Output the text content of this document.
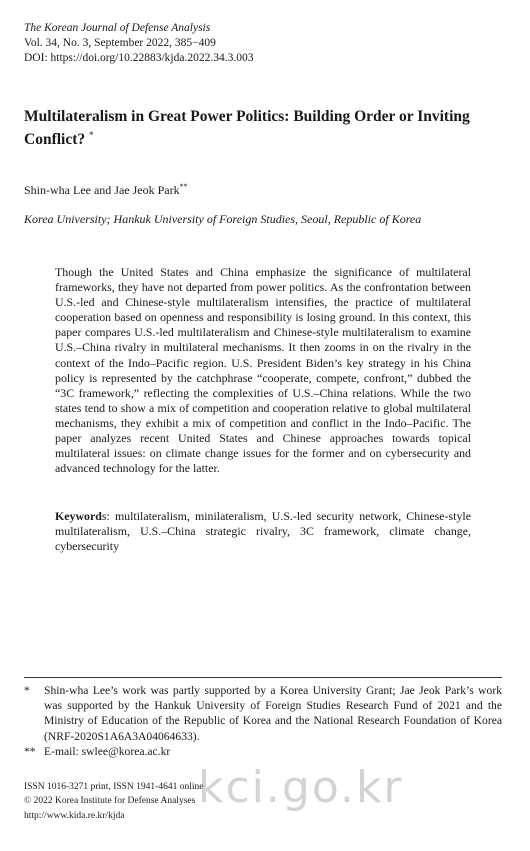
The Korean Journal of Defense Analysis
Vol. 34, No. 3, September 2022, 385−409
DOI: https://doi.org/10.22883/kjda.2022.34.3.003
Multilateralism in Great Power Politics: Building Order or Inviting Conflict? *
Shin-wha Lee and Jae Jeok Park**
Korea University; Hankuk University of Foreign Studies, Seoul, Republic of Korea
Though the United States and China emphasize the significance of multilateral frameworks, they have not departed from power politics. As the confrontation between U.S.-led and Chinese-style multilateralism intensifies, the practice of multilateral cooperation based on openness and responsibility is losing ground. In this context, this paper compares U.S.-led multilateralism and Chinese-style multilateralism to examine U.S.–China rivalry in multilateral mechanisms. It then zooms in on the rivalry in the context of the Indo–Pacific region. U.S. President Biden’s key strategy in his China policy is represented by the catchphrase “cooperate, compete, confront,” dubbed the “3C framework,” reflecting the complexities of U.S.–China relations. While the two states tend to show a mix of competition and cooperation relative to global multilateral mechanisms, they exhibit a mix of competition and conflict in the Indo–Pacific. The paper analyzes recent United States and Chinese approaches towards topical multilateral issues: on climate change issues for the former and on cybersecurity and advanced technology for the latter.
Keywords: multilateralism, minilateralism, U.S.-led security network, Chinese-style multilateralism, U.S.–China strategic rivalry, 3C framework, climate change, cybersecurity
* Shin-wha Lee’s work was partly supported by a Korea University Grant; Jae Jeok Park’s work was supported by the Hankuk University of Foreign Studies Research Fund of 2021 and the Ministry of Education of the Republic of Korea and the National Research Foundation of Korea (NRF-2020S1A6A3A04064633).
** E-mail: swlee@korea.ac.kr
ISSN 1016-3271 print, ISSN 1941-4641 online
© 2022 Korea Institute for Defense Analyses
http://www.kida.re.kr/kjda
kci.go.kr
